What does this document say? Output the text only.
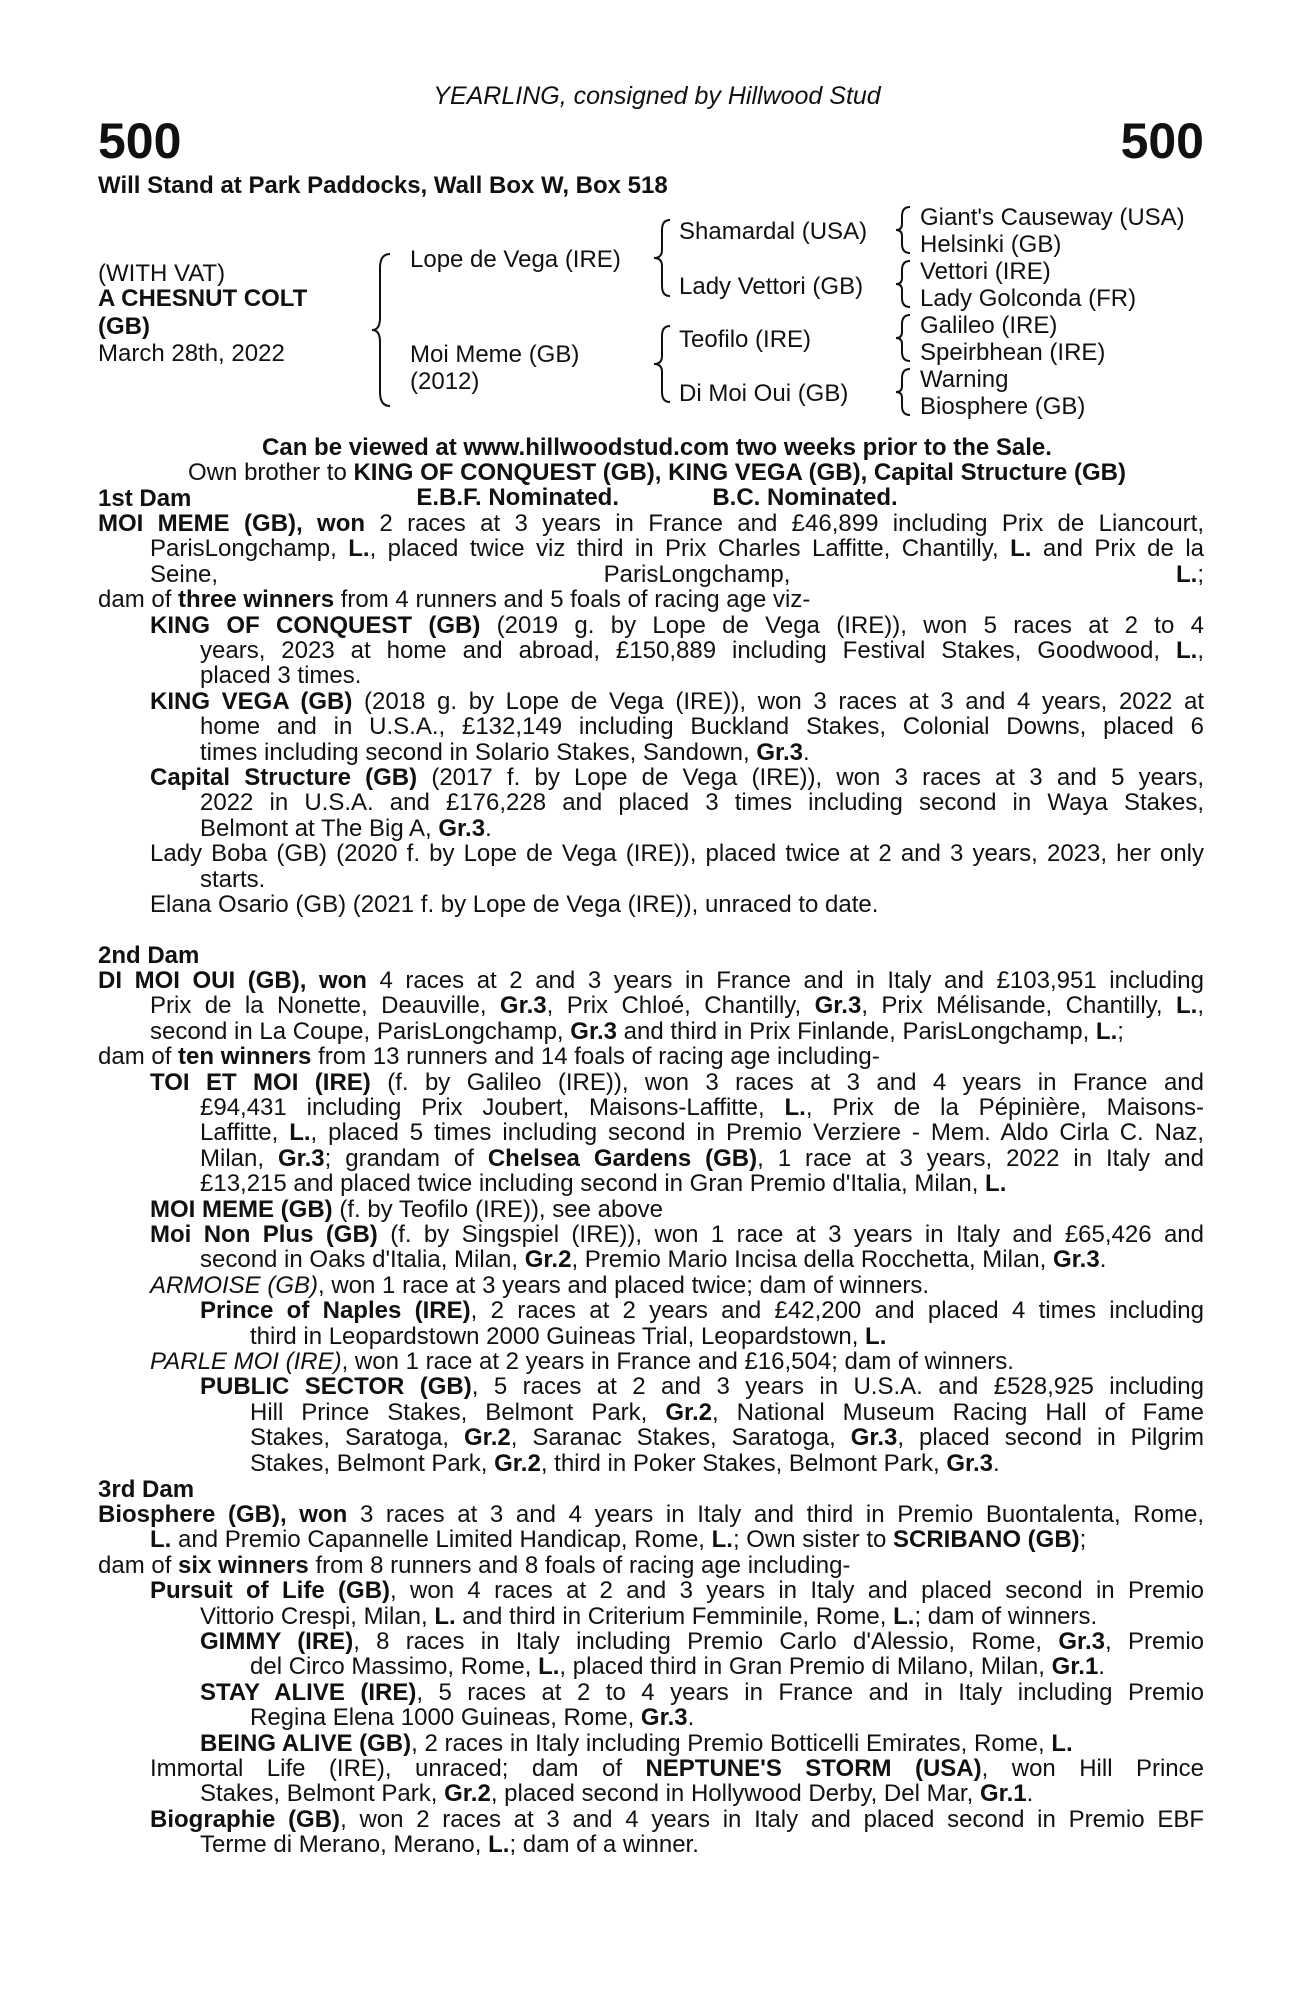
YEARLING, consigned by Hillwood Stud
500	500
Will Stand at Park Paddocks, Wall Box W, Box 518
(WITH VAT)
A CHESNUT COLT
(GB)
March 28th, 2022
Lope de Vega (IRE)
Moi Meme (GB)
(2012)
Shamardal (USA)
Lady Vettori (GB)
Teofilo (IRE)
Di Moi Oui (GB)
Giant's Causeway (USA)
Helsinki (GB)
Vettori (IRE)
Lady Golconda (FR)
Galileo (IRE)
Speirbhean (IRE)
Warning
Biosphere (GB)
Can be viewed at www.hillwoodstud.com two weeks prior to the Sale.
Own brother to KING OF CONQUEST (GB), KING VEGA (GB), Capital Structure (GB)
E.B.F. Nominated.	B.C. Nominated.
1st Dam
MOI MEME (GB), won 2 races at 3 years in France and £46,899 including Prix de Liancourt,
ParisLongchamp, L., placed twice viz third in Prix Charles Laffitte, Chantilly, L. and Prix de la
Seine, ParisLongchamp, L.;
dam of three winners from 4 runners and 5 foals of racing age viz-
KING OF CONQUEST (GB) (2019 g. by Lope de Vega (IRE)), won 5 races at 2 to 4
years, 2023 at home and abroad, £150,889 including Festival Stakes, Goodwood, L.,
placed 3 times.
KING VEGA (GB) (2018 g. by Lope de Vega (IRE)), won 3 races at 3 and 4 years, 2022 at
home and in U.S.A., £132,149 including Buckland Stakes, Colonial Downs, placed 6
times including second in Solario Stakes, Sandown, Gr.3.
Capital Structure (GB) (2017 f. by Lope de Vega (IRE)), won 3 races at 3 and 5 years,
2022 in U.S.A. and £176,228 and placed 3 times including second in Waya Stakes,
Belmont at The Big A, Gr.3.
Lady Boba (GB) (2020 f. by Lope de Vega (IRE)), placed twice at 2 and 3 years, 2023, her only
starts.
Elana Osario (GB) (2021 f. by Lope de Vega (IRE)), unraced to date.
2nd Dam
DI MOI OUI (GB), won 4 races at 2 and 3 years in France and in Italy and £103,951 including
Prix de la Nonette, Deauville, Gr.3, Prix Chloé, Chantilly, Gr.3, Prix Mélisande, Chantilly, L.,
second in La Coupe, ParisLongchamp, Gr.3 and third in Prix Finlande, ParisLongchamp, L.;
dam of ten winners from 13 runners and 14 foals of racing age including-
TOI ET MOI (IRE) (f. by Galileo (IRE)), won 3 races at 3 and 4 years in France and
£94,431 including Prix Joubert, Maisons-Laffitte, L., Prix de la Pépinière, Maisons-
Laffitte, L., placed 5 times including second in Premio Verziere - Mem. Aldo Cirla C. Naz,
Milan, Gr.3; grandam of Chelsea Gardens (GB), 1 race at 3 years, 2022 in Italy and
£13,215 and placed twice including second in Gran Premio d'Italia, Milan, L.
MOI MEME (GB) (f. by Teofilo (IRE)), see above
Moi Non Plus (GB) (f. by Singspiel (IRE)), won 1 race at 3 years in Italy and £65,426 and
second in Oaks d'Italia, Milan, Gr.2, Premio Mario Incisa della Rocchetta, Milan, Gr.3.
ARMOISE (GB), won 1 race at 3 years and placed twice; dam of winners.
Prince of Naples (IRE), 2 races at 2 years and £42,200 and placed 4 times including
third in Leopardstown 2000 Guineas Trial, Leopardstown, L.
PARLE MOI (IRE), won 1 race at 2 years in France and £16,504; dam of winners.
PUBLIC SECTOR (GB), 5 races at 2 and 3 years in U.S.A. and £528,925 including
Hill Prince Stakes, Belmont Park, Gr.2, National Museum Racing Hall of Fame
Stakes, Saratoga, Gr.2, Saranac Stakes, Saratoga, Gr.3, placed second in Pilgrim
Stakes, Belmont Park, Gr.2, third in Poker Stakes, Belmont Park, Gr.3.
3rd Dam
Biosphere (GB), won 3 races at 3 and 4 years in Italy and third in Premio Buontalenta, Rome,
L. and Premio Capannelle Limited Handicap, Rome, L.; Own sister to SCRIBANO (GB);
dam of six winners from 8 runners and 8 foals of racing age including-
Pursuit of Life (GB), won 4 races at 2 and 3 years in Italy and placed second in Premio
Vittorio Crespi, Milan, L. and third in Criterium Femminile, Rome, L.; dam of winners.
GIMMY (IRE), 8 races in Italy including Premio Carlo d'Alessio, Rome, Gr.3, Premio
del Circo Massimo, Rome, L., placed third in Gran Premio di Milano, Milan, Gr.1.
STAY ALIVE (IRE), 5 races at 2 to 4 years in France and in Italy including Premio
Regina Elena 1000 Guineas, Rome, Gr.3.
BEING ALIVE (GB), 2 races in Italy including Premio Botticelli Emirates, Rome, L.
Immortal Life (IRE), unraced; dam of NEPTUNE'S STORM (USA), won Hill Prince
Stakes, Belmont Park, Gr.2, placed second in Hollywood Derby, Del Mar, Gr.1.
Biographie (GB), won 2 races at 3 and 4 years in Italy and placed second in Premio EBF
Terme di Merano, Merano, L.; dam of a winner.
